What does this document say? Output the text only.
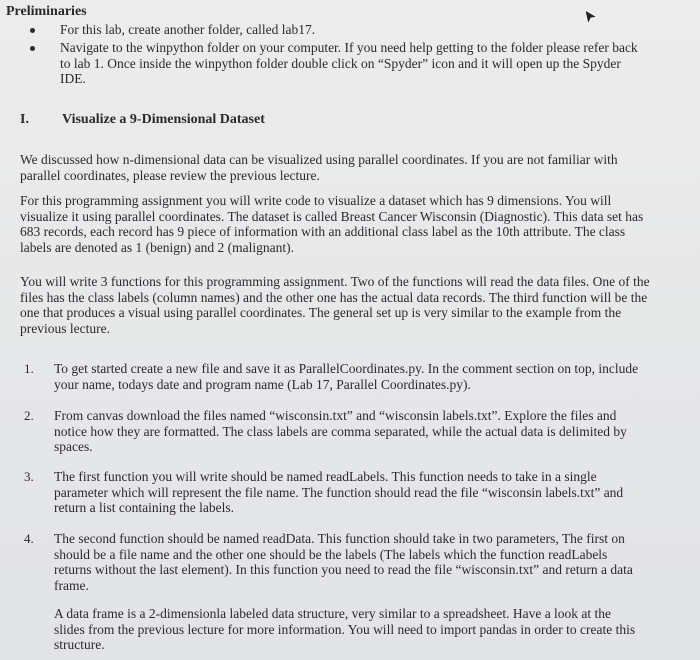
Preliminaries
For this lab, create another folder, called lab17.
Navigate to the winpython folder on your computer. If you need help getting to the folder please refer back to lab 1. Once inside the winpython folder double click on “Spyder” icon and it will open up the Spyder IDE.
I. Visualize a 9-Dimensional Dataset
We discussed how n-dimensional data can be visualized using parallel coordinates. If you are not familiar with parallel coordinates, please review the previous lecture.
For this programming assignment you will write code to visualize a dataset which has 9 dimensions. You will visualize it using parallel coordinates. The dataset is called Breast Cancer Wisconsin (Diagnostic). This data set has 683 records, each record has 9 piece of information with an additional class label as the 10th attribute. The class labels are denoted as 1 (benign) and 2 (malignant).
You will write 3 functions for this programming assignment. Two of the functions will read the data files. One of the files has the class labels (column names) and the other one has the actual data records. The third function will be the one that produces a visual using parallel coordinates. The general set up is very similar to the example from the previous lecture.
1. To get started create a new file and save it as ParallelCoordinates.py. In the comment section on top, include your name, todays date and program name (Lab 17, Parallel Coordinates.py).
2. From canvas download the files named “wisconsin.txt” and “wisconsin labels.txt”. Explore the files and notice how they are formatted. The class labels are comma separated, while the actual data is delimited by spaces.
3. The first function you will write should be named readLabels. This function needs to take in a single parameter which will represent the file name. The function should read the file “wisconsin labels.txt” and return a list containing the labels.
4. The second function should be named readData. This function should take in two parameters, The first on should be a file name and the other one should be the labels (The labels which the function readLabels returns without the last element). In this function you need to read the file “wisconsin.txt” and return a data frame.
A data frame is a 2-dimensionla labeled data structure, very similar to a spreadsheet. Have a look at the slides from the previous lecture for more information. You will need to import pandas in order to create this structure.
